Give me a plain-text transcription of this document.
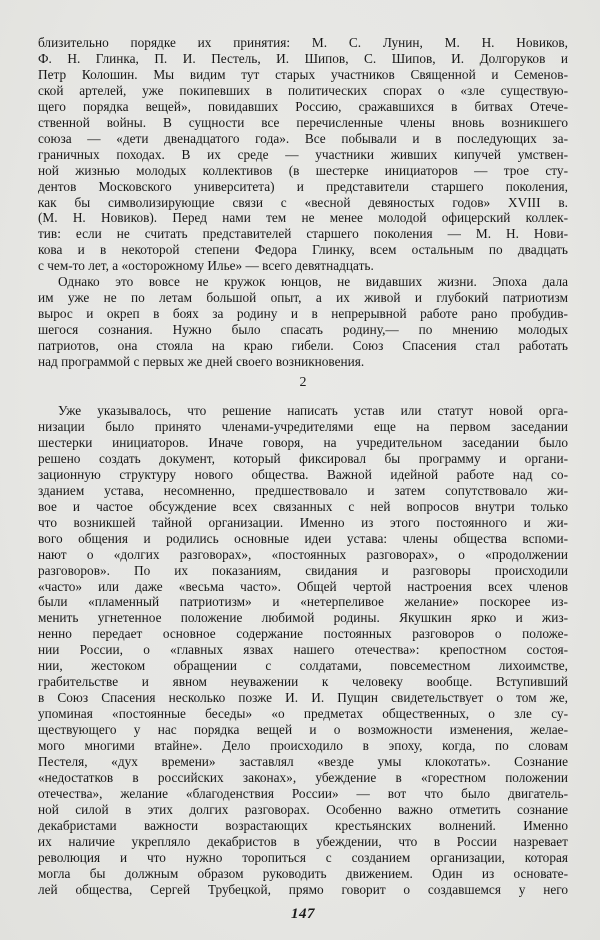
близительно порядке их принятия: М. С. Лунин, М. Н. Новиков,
Ф. Н. Глинка, П. И. Пестель, И. Шипов, С. Шипов, И. Долгоруков и
Петр Колошин. Мы видим тут старых участников Священной и Семенов-
ской артелей, уже покипевших в политических спорах о «зле существую-
щего порядка вещей», повидавших Россию, сражавшихся в битвах Отече-
ственной войны. В сущности все перечисленные члены вновь возникшего
союза — «дети двенадцатого года». Все побывали и в последующих за-
граничных походах. В их среде — участники живших кипучей умствен-
ной жизнью молодых коллективов (в шестерке инициаторов — трое сту-
дентов Московского университета) и представители старшего поколения,
как бы символизирующие связи с «весной девяностых годов» XVIII в.
(М. Н. Новиков). Перед нами тем не менее молодой офицерский коллек-
тив: если не считать представителей старшего поколения — М. Н. Нови-
кова и в некоторой степени Федора Глинку, всем остальным по двадцать
с чем-то лет, а «осторожному Илье» — всего девятнадцать.
Однако это вовсе не кружок юнцов, не видавших жизни. Эпоха дала
им уже не по летам большой опыт, а их живой и глубокий патриотизм
вырос и окреп в боях за родину и в непрерывной работе рано пробудив-
шегося сознания. Нужно было спасать родину,— по мнению молодых
патриотов, она стояла на краю гибели. Союз Спасения стал работать
над программой с первых же дней своего возникновения.
2
Уже указывалось, что решение написать устав или статут новой орга-
низации было принято членами-учредителями еще на первом заседании
шестерки инициаторов. Иначе говоря, на учредительном заседании было
решено создать документ, который фиксировал бы программу и органи-
зационную структуру нового общества. Важной идейной работе над со-
зданием устава, несомненно, предшествовало и затем сопутствовало жи-
вое и частое обсуждение всех связанных с ней вопросов внутри только
что возникшей тайной организации. Именно из этого постоянного и жи-
вого общения и родились основные идеи устава: члены общества вспоми-
нают о «долгих разговорах», «постоянных разговорах», о «продолжении
разговоров». По их показаниям, свидания и разговоры происходили
«часто» или даже «весьма часто». Общей чертой настроения всех членов
были «пламенный патриотизм» и «нетерпеливое желание» поскорее из-
менить угнетенное положение любимой родины. Якушкин ярко и жиз-
ненно передает основное содержание постоянных разговоров о положе-
нии России, о «главных язвах нашего отечества»: крепостном состоя-
нии, жестоком обращении с солдатами, повсеместном лихоимстве,
грабительстве и явном неуважении к человеку вообще. Вступивший
в Союз Спасения несколько позже И. И. Пущин свидетельствует о том же,
упоминая «постоянные беседы» «о предметах общественных, о зле су-
ществующего у нас порядка вещей и о возможности изменения, желае-
мого многими втайне». Дело происходило в эпоху, когда, по словам
Пестеля, «дух времени» заставлял «везде умы клокотать». Сознание
«недостатков в российских законах», убеждение в «горестном положении
отечества», желание «благоденствия России» — вот что было двигатель-
ной силой в этих долгих разговорах. Особенно важно отметить сознание
декабристами важности возрастающих крестьянских волнений. Именно
их наличие укрепляло декабристов в убеждении, что в России назревает
революция и что нужно торопиться с созданием организации, которая
могла бы должным образом руководить движением. Один из основате-
лей общества, Сергей Трубецкой, прямо говорит о создавшемся у него
147
